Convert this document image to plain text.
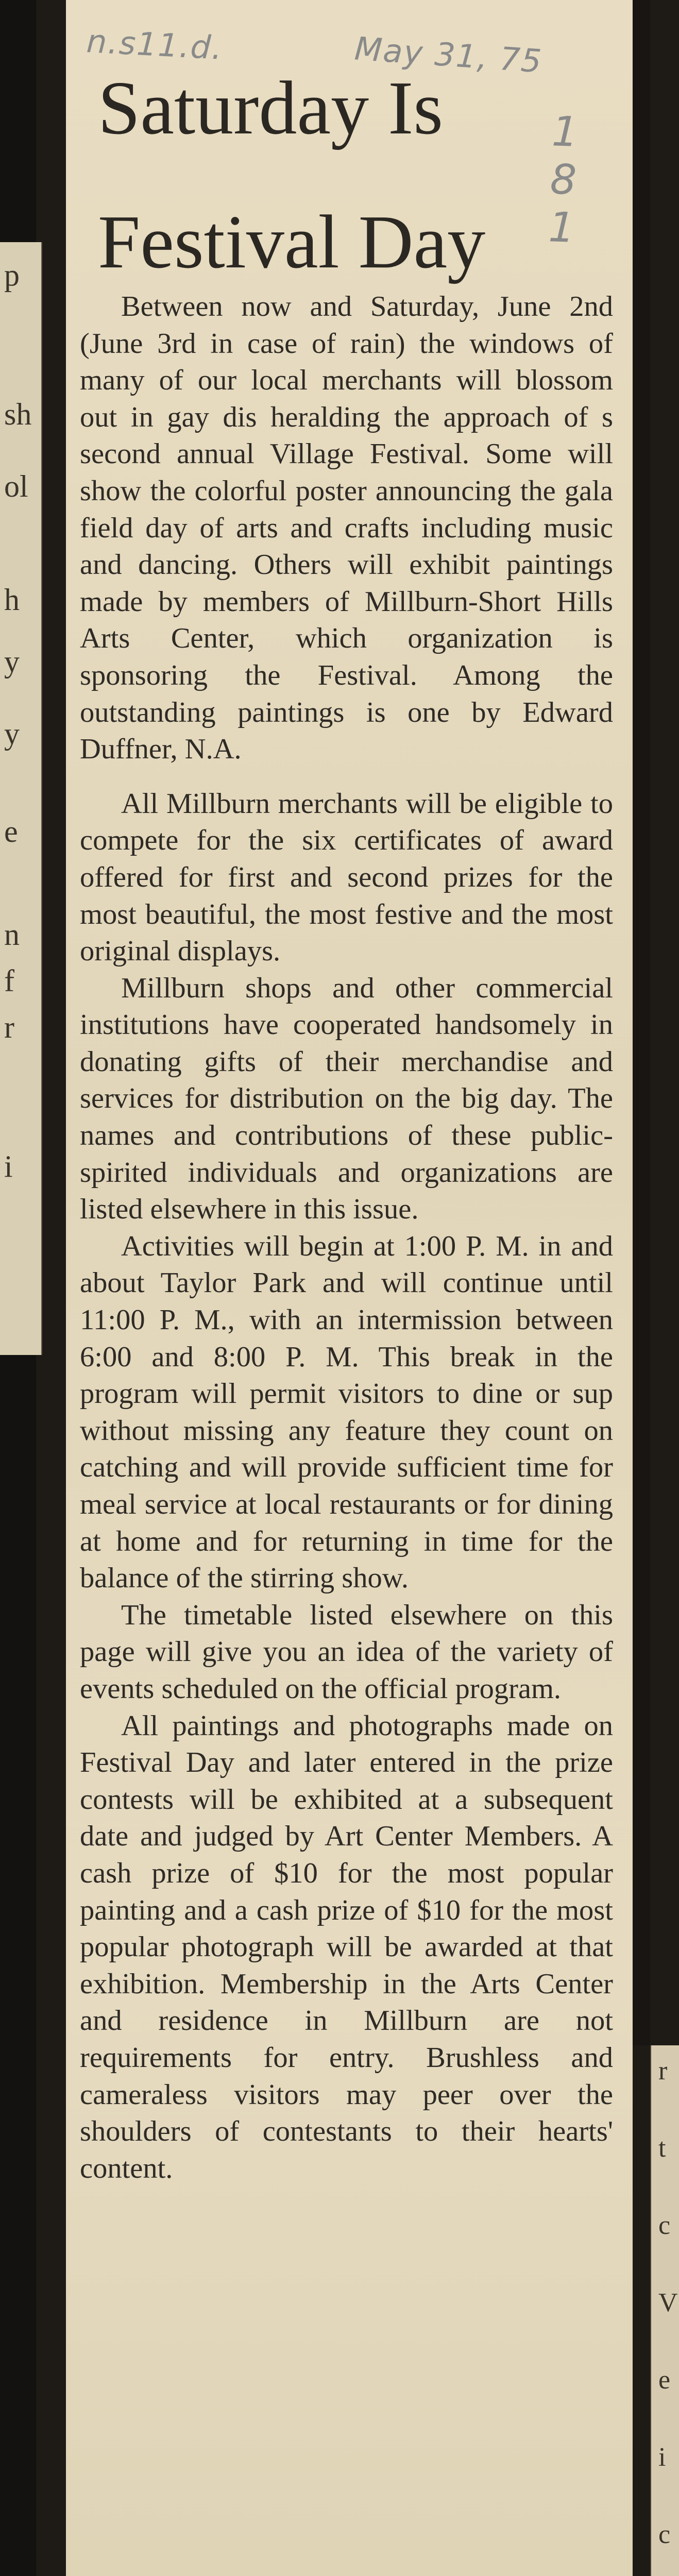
p
sh
ol
h
y
y
e
n
f
r
i
r
t
c
V
e
i
c
n.s11.d.	May 31, 75
1 8 1
Saturday Is Festival Day

Between now and Saturday, June 2nd (June 3rd in case of rain) the windows of many of our local merchants will blossom out in gay dis heralding the approach of s second annual Village Festival. Some will show the colorful poster announcing the gala field day of arts and crafts including music and dancing. Others will exhibit paintings made by members of Millburn-Short Hills Arts Center, which organization is sponsoring the Festival. Among the outstanding paintings is one by Edward Duffner, N.A.

All Millburn merchants will be eligible to compete for the six certificates of award offered for first and second prizes for the most beautiful, the most festive and the most original displays.

Millburn shops and other commercial institutions have cooperated handsomely in donating gifts of their merchandise and services for distribution on the big day. The names and contributions of these public-spirited individuals and organizations are listed elsewhere in this issue.

Activities will begin at 1:00 P. M. in and about Taylor Park and will continue until 11:00 P. M., with an intermission between 6:00 and 8:00 P. M. This break in the program will permit visitors to dine or sup without missing any feature they count on catching and will provide sufficient time for meal service at local restaurants or for dining at home and for returning in time for the balance of the stirring show.

The timetable listed elsewhere on this page will give you an idea of the variety of events scheduled on the official program.

All paintings and photographs made on Festival Day and later entered in the prize contests will be exhibited at a subsequent date and judged by Art Center Members. A cash prize of $10 for the most popular painting and a cash prize of $10 for the most popular photograph will be awarded at that exhibition. Membership in the Arts Center and residence in Millburn are not requirements for entry. Brushless and cameraless visitors may peer over the shoulders of contestants to their hearts' content.
